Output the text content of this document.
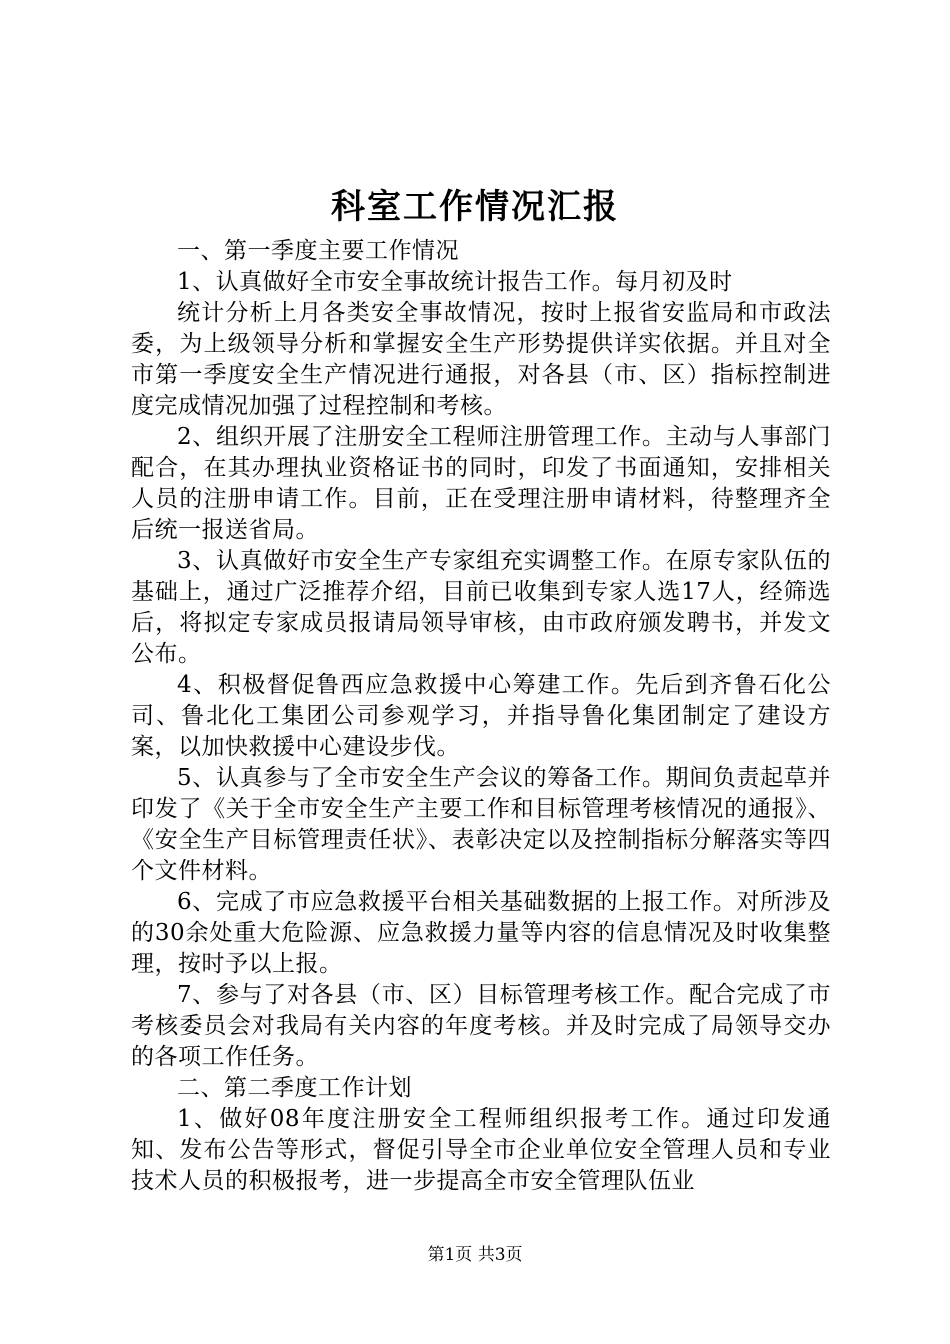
科室工作情况汇报

一、第一季度主要工作情况

1、认真做好全市安全事故统计报告工作。每月初及时

统计分析上月各类安全事故情况，按时上报省安监局和市政法委，为上级领导分析和掌握安全生产形势提供详实依据。并且对全市第一季度安全生产情况进行通报，对各县（市、区）指标控制进度完成情况加强了过程控制和考核。

2、组织开展了注册安全工程师注册管理工作。主动与人事部门配合，在其办理执业资格证书的同时，印发了书面通知，安排相关人员的注册申请工作。目前，正在受理注册申请材料，待整理齐全后统一报送省局。

3、认真做好市安全生产专家组充实调整工作。在原专家队伍的基础上，通过广泛推荐介绍，目前已收集到专家人选17人，经筛选后，将拟定专家成员报请局领导审核，由市政府颁发聘书，并发文公布。

4、积极督促鲁西应急救援中心筹建工作。先后到齐鲁石化公司、鲁北化工集团公司参观学习，并指导鲁化集团制定了建设方案，以加快救援中心建设步伐。

5、认真参与了全市安全生产会议的筹备工作。期间负责起草并印发了《关于全市安全生产主要工作和目标管理考核情况的通报》、《安全生产目标管理责任状》、表彰决定以及控制指标分解落实等四个文件材料。

6、完成了市应急救援平台相关基础数据的上报工作。对所涉及的30余处重大危险源、应急救援力量等内容的信息情况及时收集整理，按时予以上报。

7、参与了对各县（市、区）目标管理考核工作。配合完成了市考核委员会对我局有关内容的年度考核。并及时完成了局领导交办的各项工作任务。

二、第二季度工作计划

1、做好08年度注册安全工程师组织报考工作。通过印发通知、发布公告等形式，督促引导全市企业单位安全管理人员和专业技术人员的积极报考，进一步提高全市安全管理队伍业

第1页 共3页
